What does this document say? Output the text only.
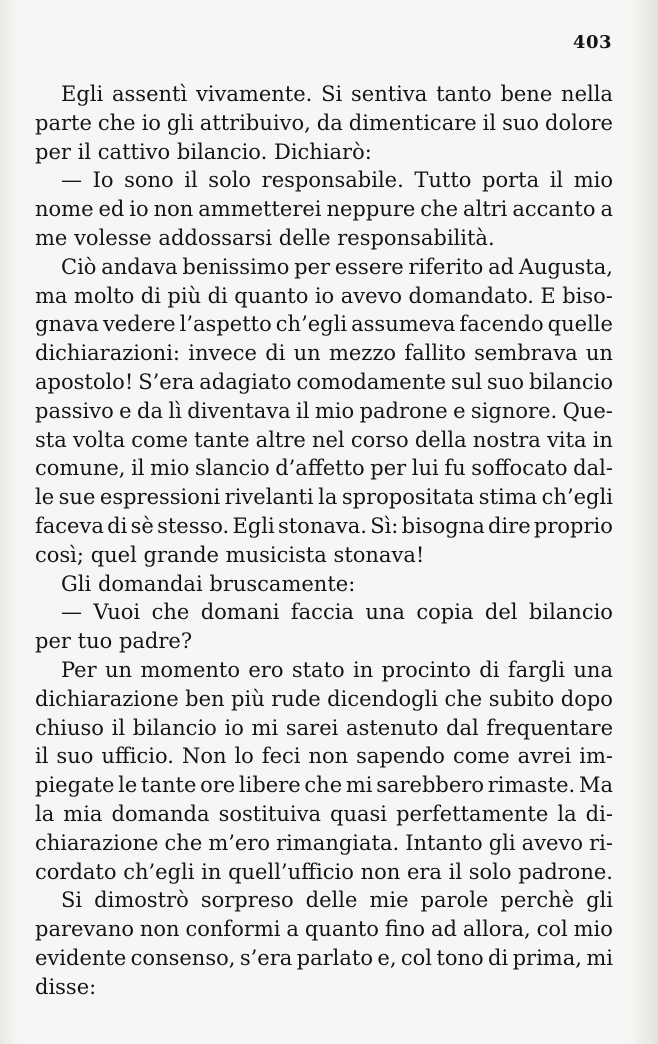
403
Egli assentì vivamente. Si sentiva tanto bene nella
parte che io gli attribuivo, da dimenticare il suo dolore
per il cattivo bilancio. Dichiarò:
— Io sono il solo responsabile. Tutto porta il mio
nome ed io non ammetterei neppure che altri accanto a
me volesse addossarsi delle responsabilità.
Ciò andava benissimo per essere riferito ad Augusta,
ma molto di più di quanto io avevo domandato. E biso-
gnava vedere l’aspetto ch’egli assumeva facendo quelle
dichiarazioni: invece di un mezzo fallito sembrava un
apostolo! S’era adagiato comodamente sul suo bilancio
passivo e da lì diventava il mio padrone e signore. Que-
sta volta come tante altre nel corso della nostra vita in
comune, il mio slancio d’affetto per lui fu soffocato dal-
le sue espressioni rivelanti la spropositata stima ch’egli
faceva di sè stesso. Egli stonava. Sì: bisogna dire proprio
così; quel grande musicista stonava!
Gli domandai bruscamente:
— Vuoi che domani faccia una copia del bilancio
per tuo padre?
Per un momento ero stato in procinto di fargli una
dichiarazione ben più rude dicendogli che subito dopo
chiuso il bilancio io mi sarei astenuto dal frequentare
il suo ufficio. Non lo feci non sapendo come avrei im-
piegate le tante ore libere che mi sarebbero rimaste. Ma
la mia domanda sostituiva quasi perfettamente la di-
chiarazione che m’ero rimangiata. Intanto gli avevo ri-
cordato ch’egli in quell’ufficio non era il solo padrone.
Si dimostrò sorpreso delle mie parole perchè gli
parevano non conformi a quanto fino ad allora, col mio
evidente consenso, s’era parlato e, col tono di prima, mi
disse:
